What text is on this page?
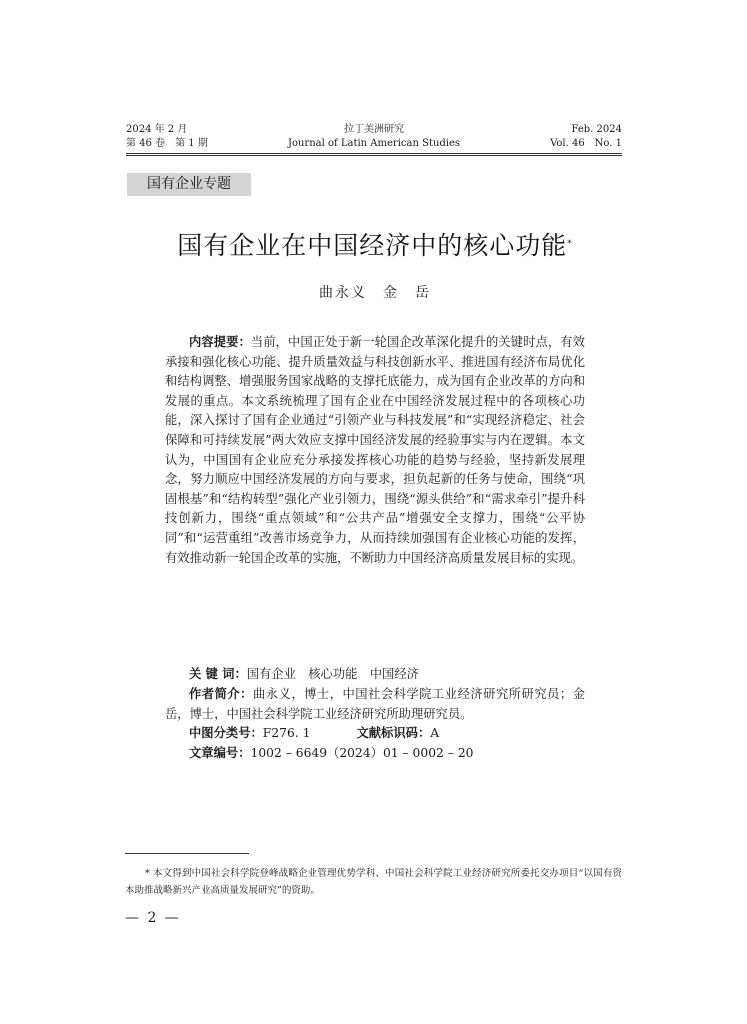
2024 年 2 月
第 46 卷　第 1 期
拉丁美洲研究
Journal of Latin American Studies
Feb. 2024
Vol. 46　No. 1
国有企业专题
国有企业在中国经济中的核心功能*
曲永义　金　岳

内容提要：当前，中国正处于新一轮国企改革深化提升的关键时点，有效承接和强化核心功能、提升质量效益与科技创新水平、推进国有经济布局优化和结构调整、增强服务国家战略的支撑托底能力，成为国有企业改革的方向和发展的重点。本文系统梳理了国有企业在中国经济发展过程中的各项核心功能，深入探讨了国有企业通过“引领产业与科技发展”和“实现经济稳定、社会保障和可持续发展”两大效应支撑中国经济发展的经验事实与内在逻辑。本文认为，中国国有企业应充分承接发挥核心功能的趋势与经验，坚持新发展理念，努力顺应中国经济发展的方向与要求，担负起新的任务与使命，围绕“巩固根基”和“结构转型”强化产业引领力，围绕“源头供给”和“需求牵引”提升科技创新力，围绕“重点领域”和“公共产品”增强安全支撑力，围绕“公平协同”和“运营重组”改善市场竞争力，从而持续加强国有企业核心功能的发挥，有效推动新一轮国企改革的实施，不断助力中国经济高质量发展目标的实现。

关 键 词：国有企业　核心功能　中国经济

作者简介：曲永义，博士，中国社会科学院工业经济研究所研究员；金岳，博士，中国社会科学院工业经济研究所助理研究员。

中图分类号：F276. 1	文献标识码：A

文章编号：1002 – 6649（2024）01 – 0002 – 20

* 本文得到中国社会科学院登峰战略企业管理优势学科、中国社会科学院工业经济研究所委托交办项目“以国有资本助推战略新兴产业高质量发展研究”的资助。

— 2 —
